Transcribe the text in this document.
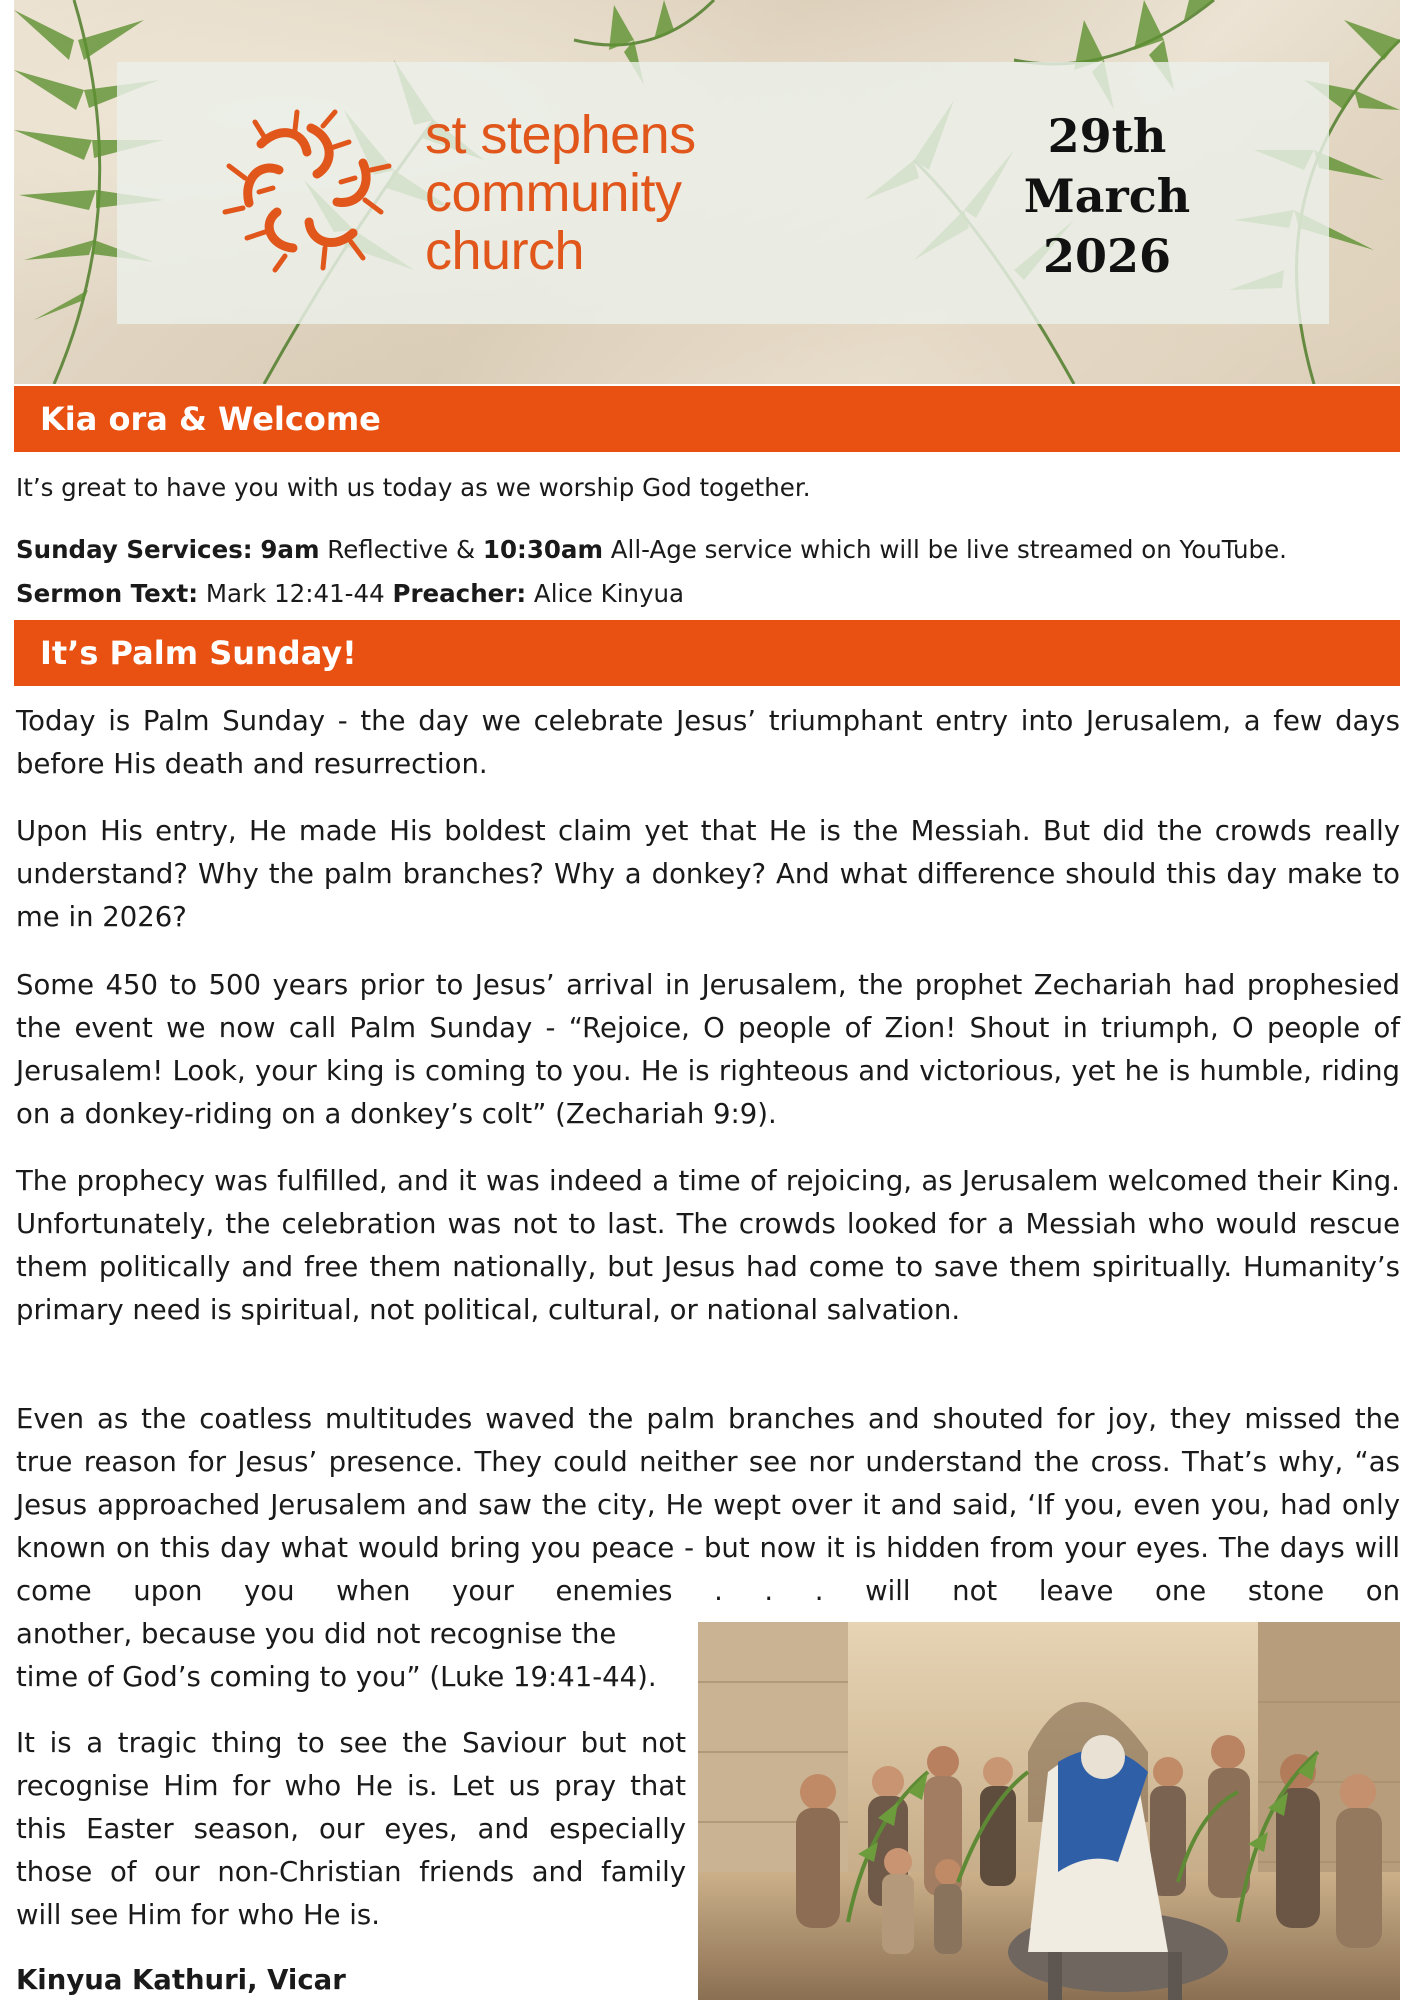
st stephens
community
church
29th
March
2026
Kia ora & Welcome
It’s great to have you with us today as we worship God together.
Sunday Services: 9am Reflective & 10:30am All-Age service which will be live streamed on YouTube.
Sermon Text: Mark 12:41-44 Preacher: Alice Kinyua
It’s Palm Sunday!
Today is Palm Sunday - the day we celebrate Jesus’ triumphant entry into Jerusalem, a few days before His death and resurrection.
Upon His entry, He made His boldest claim yet that He is the Messiah. But did the crowds really understand? Why the palm branches? Why a donkey? And what difference should this day make to me in 2026?
Some 450 to 500 years prior to Jesus’ arrival in Jerusalem, the prophet Zechariah had prophesied the event we now call Palm Sunday - “Rejoice, O people of Zion! Shout in triumph, O people of Jerusalem! Look, your king is coming to you. He is righteous and victorious, yet he is humble, riding on a donkey-riding on a donkey’s colt” (Zechariah 9:9).
The prophecy was fulfilled, and it was indeed a time of rejoicing, as Jerusalem welcomed their King. Unfortunately, the celebration was not to last. The crowds looked for a Messiah who would rescue them politically and free them nationally, but Jesus had come to save them spiritually. Humanity’s primary need is spiritual, not political, cultural, or national salvation.
Even as the coatless multitudes waved the palm branches and shouted for joy, they missed the true reason for Jesus’ presence. They could neither see nor understand the cross. That’s why, “as Jesus approached Jerusalem and saw the city, He wept over it and said, ‘If you, even you, had only known on this day what would bring you peace - but now it is hidden from your eyes. The days will come upon you when your enemies . . . will not leave one stone on
another, because you did not recognise the time of God’s coming to you” (Luke 19:41-44).
It is a tragic thing to see the Saviour but not recognise Him for who He is. Let us pray that this Easter season, our eyes, and especially those of our non-Christian friends and family will see Him for who He is.
Kinyua Kathuri, Vicar
